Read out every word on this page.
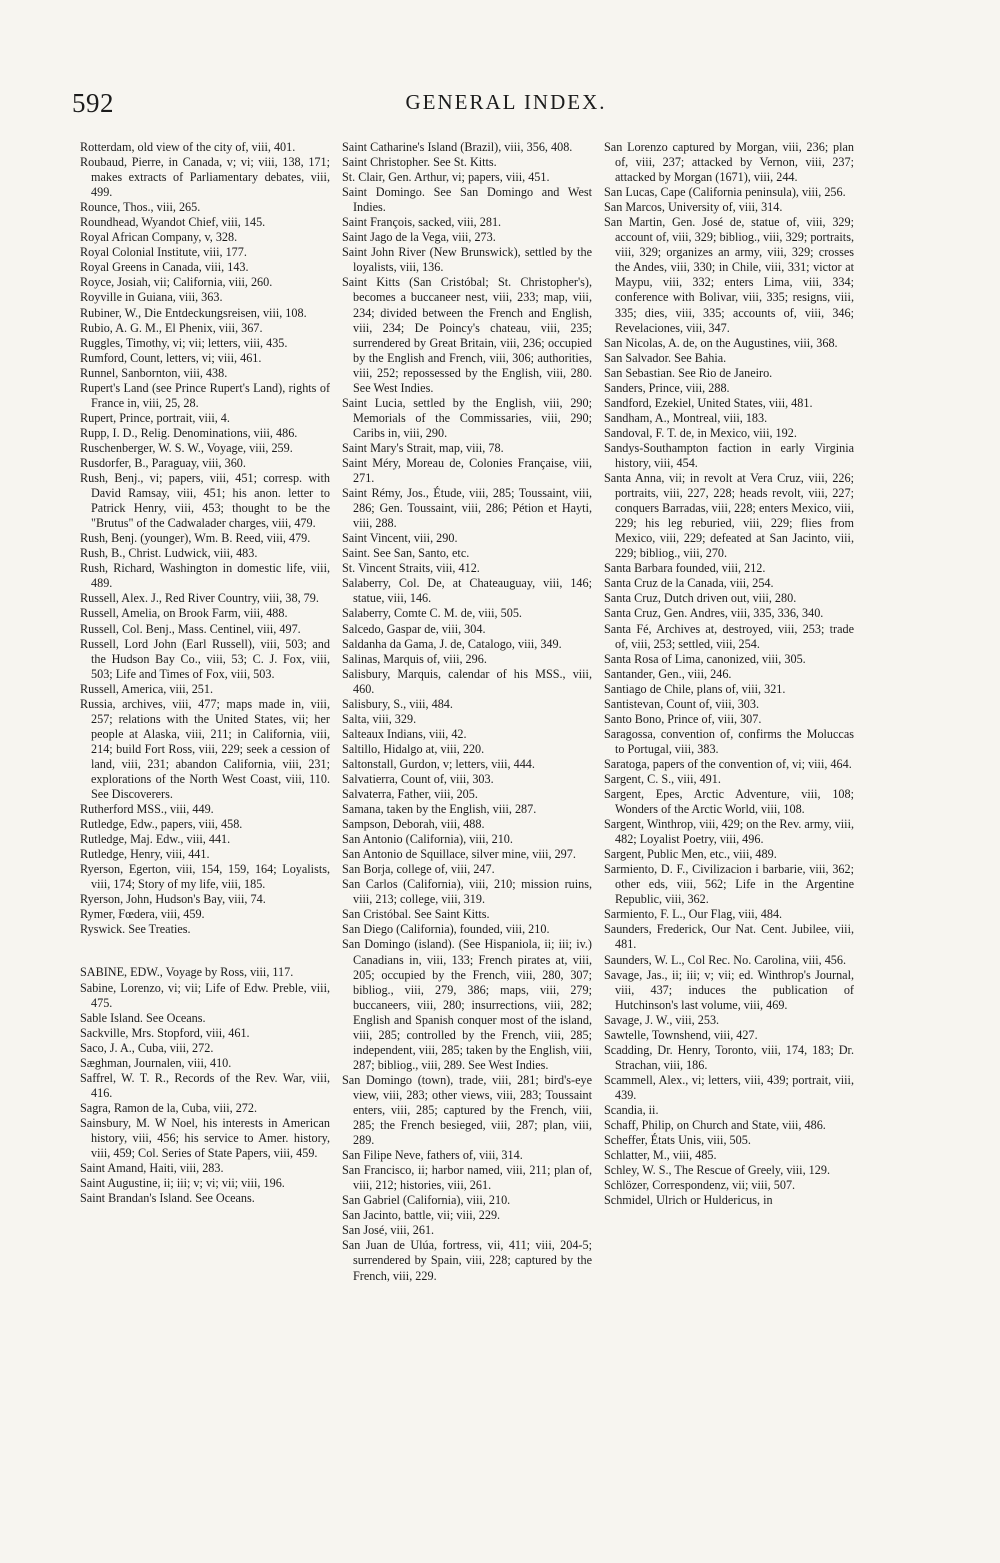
592	GENERAL INDEX.
Rotterdam, old view of the city of, viii, 401.
Roubaud, Pierre, in Canada, v; vi; viii, 138, 171; makes extracts of Parliamentary debates, viii, 499.
Rounce, Thos., viii, 265.
Roundhead, Wyandot Chief, viii, 145.
Royal African Company, v, 328.
Royal Colonial Institute, viii, 177.
Royal Greens in Canada, viii, 143.
Royce, Josiah, vii; California, viii, 260.
Royville in Guiana, viii, 363.
Rubiner, W., Die Entdeckungsreisen, viii, 108.
Rubio, A. G. M., El Phenix, viii, 367.
Ruggles, Timothy, vi; vii; letters, viii, 435.
Rumford, Count, letters, vi; viii, 461.
Runnel, Sanbornton, viii, 438.
Rupert's Land (see Prince Rupert's Land), rights of France in, viii, 25, 28.
Rupert, Prince, portrait, viii, 4.
Rupp, I. D., Relig. Denominations, viii, 486.
Ruschenberger, W. S. W., Voyage, viii, 259.
Rusdorfer, B., Paraguay, viii, 360.
Rush, Benj., vi; papers, viii, 451; corresp. with David Ramsay, viii, 451; his anon. letter to Patrick Henry, viii, 453; thought to be the "Brutus" of the Cadwalader charges, viii, 479.
Rush, Benj. (younger), Wm. B. Reed, viii, 479.
Rush, B., Christ. Ludwick, viii, 483.
Rush, Richard, Washington in domestic life, viii, 489.
Russell, Alex. J., Red River Country, viii, 38, 79.
Russell, Amelia, on Brook Farm, viii, 488.
Russell, Col. Benj., Mass. Centinel, viii, 497.
Russell, Lord John (Earl Russell), viii, 503; and the Hudson Bay Co., viii, 53; C. J. Fox, viii, 503; Life and Times of Fox, viii, 503.
Russell, America, viii, 251.
Russia, archives, viii, 477; maps made in, viii, 257; relations with the United States, vii; her people at Alaska, viii, 211; in California, viii, 214; build Fort Ross, viii, 229; seek a cession of land, viii, 231; abandon California, viii, 231; explorations of the North West Coast, viii, 110. See Discoverers.
Rutherford MSS., viii, 449.
Rutledge, Edw., papers, viii, 458.
Rutledge, Maj. Edw., viii, 441.
Rutledge, Henry, viii, 441.
Ryerson, Egerton, viii, 154, 159, 164; Loyalists, viii, 174; Story of my life, viii, 185.
Ryerson, John, Hudson's Bay, viii, 74.
Rymer, Fœdera, viii, 459.
Ryswick. See Treaties.
SABINE, EDW., Voyage by Ross, viii, 117.
Sabine, Lorenzo, vi; vii; Life of Edw. Preble, viii, 475.
Sable Island. See Oceans.
Sackville, Mrs. Stopford, viii, 461.
Saco, J. A., Cuba, viii, 272.
Sæghman, Journalen, viii, 410.
Saffrel, W. T. R., Records of the Rev. War, viii, 416.
Sagra, Ramon de la, Cuba, viii, 272.
Sainsbury, M. W Noel, his interests in American history, viii, 456; his service to Amer. history, viii, 459; Col. Series of State Papers, viii, 459.
Saint Amand, Haiti, viii, 283.
Saint Augustine, ii; iii; v; vi; vii; viii, 196.
Saint Brandan's Island. See Oceans.
Saint Catharine's Island (Brazil), viii, 356, 408.
Saint Christopher. See St. Kitts.
St. Clair, Gen. Arthur, vi; papers, viii, 451.
Saint Domingo. See San Domingo and West Indies.
Saint François, sacked, viii, 281.
Saint Jago de la Vega, viii, 273.
Saint John River (New Brunswick), settled by the loyalists, viii, 136.
Saint Kitts (San Cristóbal; St. Christopher's), becomes a buccaneer nest, viii, 233; map, viii, 234; divided between the French and English, viii, 234; De Poincy's chateau, viii, 235; surrendered by Great Britain, viii, 236; occupied by the English and French, viii, 306; authorities, viii, 252; repossessed by the English, viii, 280. See West Indies.
Saint Lucia, settled by the English, viii, 290; Memorials of the Commissaries, viii, 290; Caribs in, viii, 290.
Saint Mary's Strait, map, viii, 78.
Saint Méry, Moreau de, Colonies Française, viii, 271.
Saint Rémy, Jos., Étude, viii, 285; Toussaint, viii, 286; Gen. Toussaint, viii, 286; Pétion et Hayti, viii, 288.
Saint Vincent, viii, 290.
Saint. See San, Santo, etc.
St. Vincent Straits, viii, 412.
Salaberry, Col. De, at Chateauguay, viii, 146; statue, viii, 146.
Salaberry, Comte C. M. de, viii, 505.
Salcedo, Gaspar de, viii, 304.
Saldanha da Gama, J. de, Catalogo, viii, 349.
Salinas, Marquis of, viii, 296.
Salisbury, Marquis, calendar of his MSS., viii, 460.
Salisbury, S., viii, 484.
Salta, viii, 329.
Salteaux Indians, viii, 42.
Saltillo, Hidalgo at, viii, 220.
Saltonstall, Gurdon, v; letters, viii, 444.
Salvatierra, Count of, viii, 303.
Salvaterra, Father, viii, 205.
Samana, taken by the English, viii, 287.
Sampson, Deborah, viii, 488.
San Antonio (California), viii, 210.
San Antonio de Squillace, silver mine, viii, 297.
San Borja, college of, viii, 247.
San Carlos (California), viii, 210; mission ruins, viii, 213; college, viii, 319.
San Cristóbal. See Saint Kitts.
San Diego (California), founded, viii, 210.
San Domingo (island). (See Hispaniola, ii; iii; iv.) Canadians in, viii, 133; French pirates at, viii, 205; occupied by the French, viii, 280, 307; bibliog., viii, 279, 386; maps, viii, 279; buccaneers, viii, 280; insurrections, viii, 282; English and Spanish conquer most of the island, viii, 285; controlled by the French, viii, 285; independent, viii, 285; taken by the English, viii, 287; bibliog., viii, 289. See West Indies.
San Domingo (town), trade, viii, 281; bird's-eye view, viii, 283; other views, viii, 283; Toussaint enters, viii, 285; captured by the French, viii, 285; the French besieged, viii, 287; plan, viii, 289.
San Filipe Neve, fathers of, viii, 314.
San Francisco, ii; harbor named, viii, 211; plan of, viii, 212; histories, viii, 261.
San Gabriel (California), viii, 210.
San Jacinto, battle, vii; viii, 229.
San José, viii, 261.
San Juan de Ulúa, fortress, vii, 411; viii, 204-5; surrendered by Spain, viii, 228; captured by the French, viii, 229.
San Lorenzo captured by Morgan, viii, 236; plan of, viii, 237; attacked by Vernon, viii, 237; attacked by Morgan (1671), viii, 244.
San Lucas, Cape (California peninsula), viii, 256.
San Marcos, University of, viii, 314.
San Martin, Gen. José de, statue of, viii, 329; account of, viii, 329; bibliog., viii, 329; portraits, viii, 329; organizes an army, viii, 329; crosses the Andes, viii, 330; in Chile, viii, 331; victor at Maypu, viii, 332; enters Lima, viii, 334; conference with Bolivar, viii, 335; resigns, viii, 335; dies, viii, 335; accounts of, viii, 346; Revelaciones, viii, 347.
San Nicolas, A. de, on the Augustines, viii, 368.
San Salvador. See Bahia.
San Sebastian. See Rio de Janeiro.
Sanders, Prince, viii, 288.
Sandford, Ezekiel, United States, viii, 481.
Sandham, A., Montreal, viii, 183.
Sandoval, F. T. de, in Mexico, viii, 192.
Sandys-Southampton faction in early Virginia history, viii, 454.
Santa Anna, vii; in revolt at Vera Cruz, viii, 226; portraits, viii, 227, 228; heads revolt, viii, 227; conquers Barradas, viii, 228; enters Mexico, viii, 229; his leg reburied, viii, 229; flies from Mexico, viii, 229; defeated at San Jacinto, viii, 229; bibliog., viii, 270.
Santa Barbara founded, viii, 212.
Santa Cruz de la Canada, viii, 254.
Santa Cruz, Dutch driven out, viii, 280.
Santa Cruz, Gen. Andres, viii, 335, 336, 340.
Santa Fé, Archives at, destroyed, viii, 253; trade of, viii, 253; settled, viii, 254.
Santa Rosa of Lima, canonized, viii, 305.
Santander, Gen., viii, 246.
Santiago de Chile, plans of, viii, 321.
Santistevan, Count of, viii, 303.
Santo Bono, Prince of, viii, 307.
Saragossa, convention of, confirms the Moluccas to Portugal, viii, 383.
Saratoga, papers of the convention of, vi; viii, 464.
Sargent, C. S., viii, 491.
Sargent, Epes, Arctic Adventure, viii, 108; Wonders of the Arctic World, viii, 108.
Sargent, Winthrop, viii, 429; on the Rev. army, viii, 482; Loyalist Poetry, viii, 496.
Sargent, Public Men, etc., viii, 489.
Sarmiento, D. F., Civilizacion i barbarie, viii, 362; other eds, viii, 562; Life in the Argentine Republic, viii, 362.
Sarmiento, F. L., Our Flag, viii, 484.
Saunders, Frederick, Our Nat. Cent. Jubilee, viii, 481.
Saunders, W. L., Col Rec. No. Carolina, viii, 456.
Savage, Jas., ii; iii; v; vii; ed. Winthrop's Journal, viii, 437; induces the publication of Hutchinson's last volume, viii, 469.
Savage, J. W., viii, 253.
Sawtelle, Townshend, viii, 427.
Scadding, Dr. Henry, Toronto, viii, 174, 183; Dr. Strachan, viii, 186.
Scammell, Alex., vi; letters, viii, 439; portrait, viii, 439.
Scandia, ii.
Schaff, Philip, on Church and State, viii, 486.
Scheffer, États Unis, viii, 505.
Schlatter, M., viii, 485.
Schley, W. S., The Rescue of Greely, viii, 129.
Schlözer, Correspondenz, vii; viii, 507.
Schmidel, Ulrich or Huldericus, in
